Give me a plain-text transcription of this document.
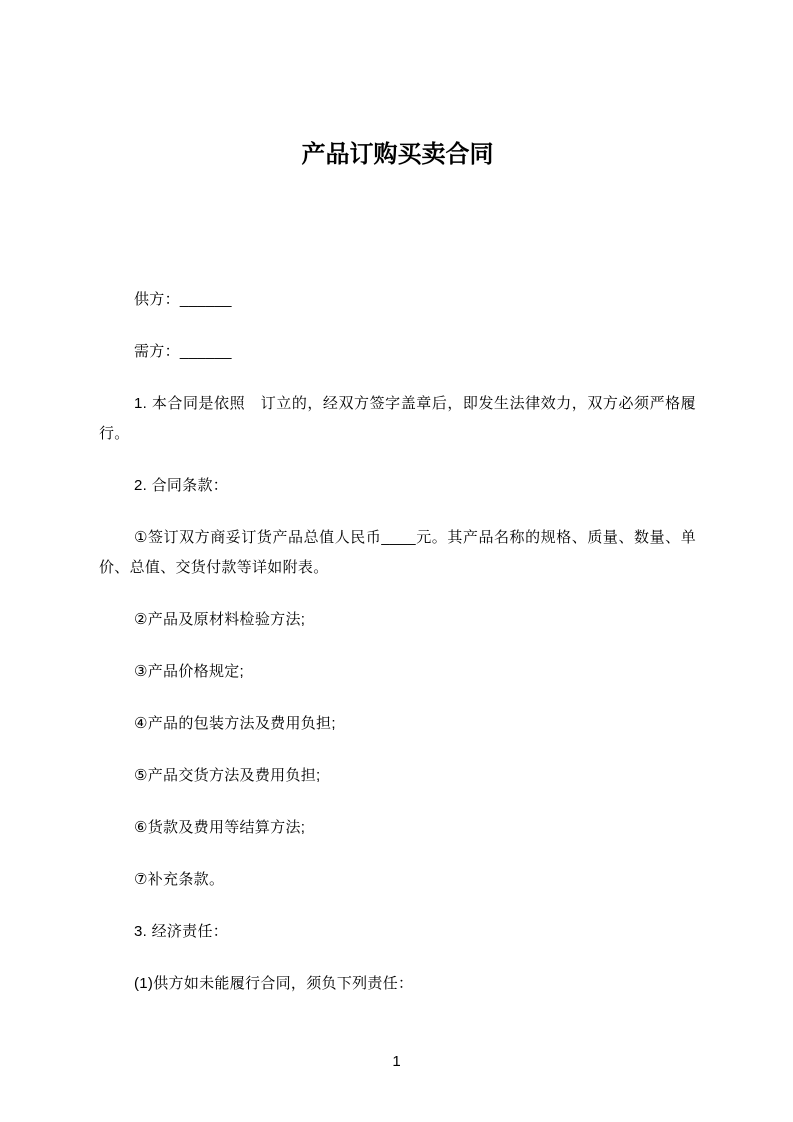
产品订购买卖合同

供方：______

需方：______

1. 本合同是依照　订立的，经双方签字盖章后，即发生法律效力，双方必须严格履行。

2. 合同条款：

①签订双方商妥订货产品总值人民币____元。其产品名称的规格、质量、数量、单价、总值、交货付款等详如附表。

②产品及原材料检验方法;

③产品价格规定;

④产品的包装方法及费用负担;

⑤产品交货方法及费用负担;

⑥货款及费用等结算方法;

⑦补充条款。

3. 经济责任：

(1)供方如未能履行合同，须负下列责任：

1
